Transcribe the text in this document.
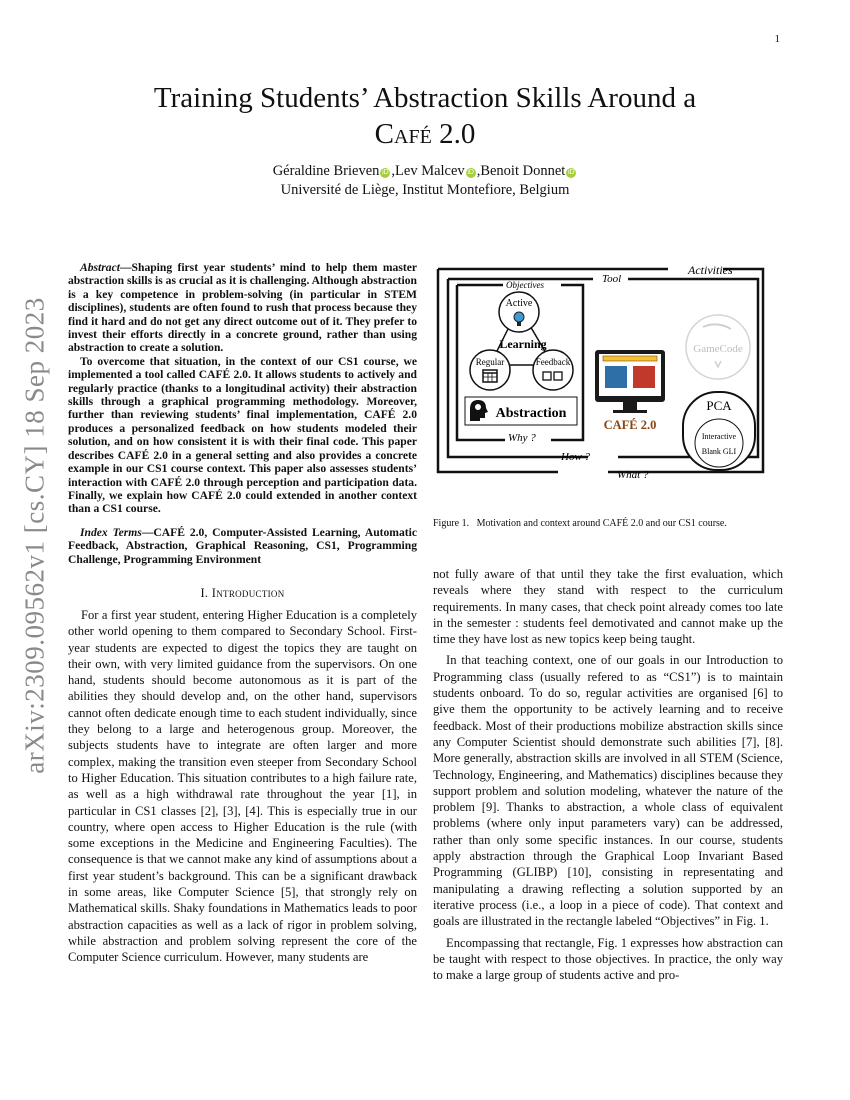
1
arXiv:2309.09562v1 [cs.CY] 18 Sep 2023
Training Students’ Abstraction Skills Around a
Café 2.0
Géraldine Brieven iD ,Lev Malcev iD ,Benoit Donnet iD
Université de Liège, Institut Montefiore, Belgium

Abstract—Shaping first year students’ mind to help them master abstraction skills is as crucial as it is challenging. Although abstraction is a key competence in problem-solving (in particular in STEM disciplines), students are often found to rush that process because they find it hard and do not get any direct outcome out of it. They prefer to invest their efforts directly in a concrete ground, rather than using abstraction to create a solution.

To overcome that situation, in the context of our CS1 course, we implemented a tool called CAFÉ 2.0. It allows students to actively and regularly practice (thanks to a longitudinal activity) their abstraction skills through a graphical programming methodology. Moreover, further than reviewing students’ final implementation, CAFÉ 2.0 produces a personalized feedback on how students modeled their solution, and on how consistent it is with their final code. This paper describes CAFÉ 2.0 in a general setting and also provides a concrete example in our CS1 course context. This paper also assesses students’ interaction with CAFÉ 2.0 through perception and participation data. Finally, we explain how CAFÉ 2.0 could extended in another context than a CS1 course.

Index Terms—CAFÉ 2.0, Computer-Assisted Learning, Automatic Feedback, Abstraction, Graphical Reasoning, CS1, Programming Challenge, Programming Environment

I. Introduction

For a first year student, entering Higher Education is a completely other world opening to them compared to Secondary School. First-year students are expected to digest the topics they are taught on their own, with very limited guidance from the supervisors. On one hand, students should become autonomous as it is part of the abilities they should develop and, on the other hand, supervisors cannot often dedicate enough time to each student individually, since they belong to a large and heterogenous group. Moreover, the subjects students have to integrate are often larger and more complex, making the transition even steeper from Secondary School to Higher Education. This situation contributes to a high failure rate, as well as a high withdrawal rate throughout the year [1], in particular in CS1 classes [2], [3], [4]. This is especially true in our country, where open access to Higher Education is the rule (with some exceptions in the Medicine and Engineering Faculties). The consequence is that we cannot make any kind of assumptions about a first year student’s background. This can be a significant drawback in some areas, like Computer Science [5], that strongly rely on Mathematical skills. Shaky foundations in Mathematics leads to poor abstraction capacities as well as a lack of rigor in problem solving, while abstraction and problem solving represent the core of the Computer Science curriculum. However, many students are

Activities
Tool
Objectives
Why ?
How ?
What ?
Learning
Active
Regular	Feedback
Abstraction
CAFÉ 2.0
GameCode
PCA
Interactive
Blank GLI
Figure 1. Motivation and context around CAFÉ 2.0 and our CS1 course.

not fully aware of that until they take the first evaluation, which reveals where they stand with respect to the curriculum requirements. In many cases, that check point already comes too late in the semester : students feel demotivated and cannot make up the time they have lost as new topics keep being taught.

In that teaching context, one of our goals in our Introduction to Programming class (usually refered to as “CS1”) is to maintain students onboard. To do so, regular activities are organised [6] to give them the opportunity to be actively learning and to receive feedback. Most of their productions mobilize abstraction skills since any Computer Scientist should demonstrate such abilities [7], [8]. More generally, abstraction skills are involved in all STEM (Science, Technology, Engineering, and Mathematics) disciplines because they support problem and solution modeling, whatever the nature of the problem [9]. Thanks to abstraction, a whole class of equivalent problems (where only input parameters vary) can be addressed, rather than only some specific instances. In our course, students apply abstraction through the Graphical Loop Invariant Based Programming (GLIBP) [10], consisting in representating and manipulating a drawing reflecting a solution supported by an iterative process (i.e., a loop in a piece of code). That context and goals are illustrated in the rectangle labeled “Objectives” in Fig. 1.

Encompassing that rectangle, Fig. 1 expresses how abstraction can be taught with respect to those objectives. In practice, the only way to make a large group of students active and pro-
